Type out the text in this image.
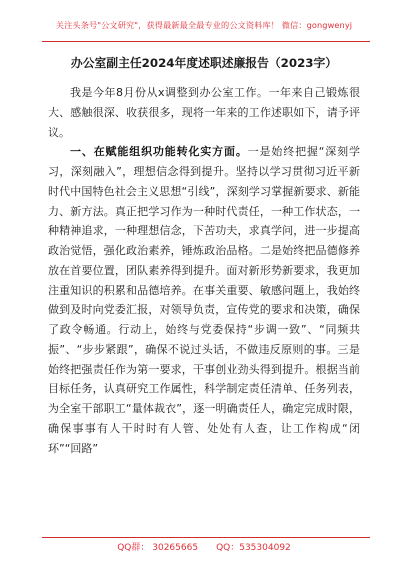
关注头条号"公文研究"，获得最新最全最专业的公文资料库！ 微信：gongwenyj
办公室副主任2024年度述职述廉报告（2023字）
我是今年8月份从x调整到办公室工作。一年来自己锻炼很大、感触很深、收获很多，现将一年来的工作述职如下，请予评议。
一、在赋能组织功能转化实方面。一是始终把握“深刻学习，深刻融入”，理想信念得到提升。坚持以学习贯彻习近平新时代中国特色社会主义思想“引线”，深刻学习掌握新要求、新能力、新方法。真正把学习作为一种时代责任，一种工作状态，一种精神追求，一种理想信念，下苦功夫，求真学问，进一步提高政治觉悟，强化政治素养，锤炼政治品格。二是始终把品德修养放在首要位置，团队素养得到提升。面对新形势新要求，我更加注重知识的积累和品德培养。在事关重要、敏感问题上，我始终做到及时向党委汇报，对领导负责，宣传党的要求和决策，确保了政令畅通。行动上，始终与党委保持“步调一致”、“同频共振”、“步步紧跟”，确保不说过头话，不做违反原则的事。三是始终把强责任作为第一要求，干事创业劲头得到提升。根据当前目标任务，认真研究工作属性，科学制定责任清单、任务列表，为全室干部职工“量体裁衣”，逐一明确责任人，确定完成时限，确保事事有人干时时有人管、处处有人查，让工作构成“闭环”“回路”
QQ群： 30265665 QQ：535304092
